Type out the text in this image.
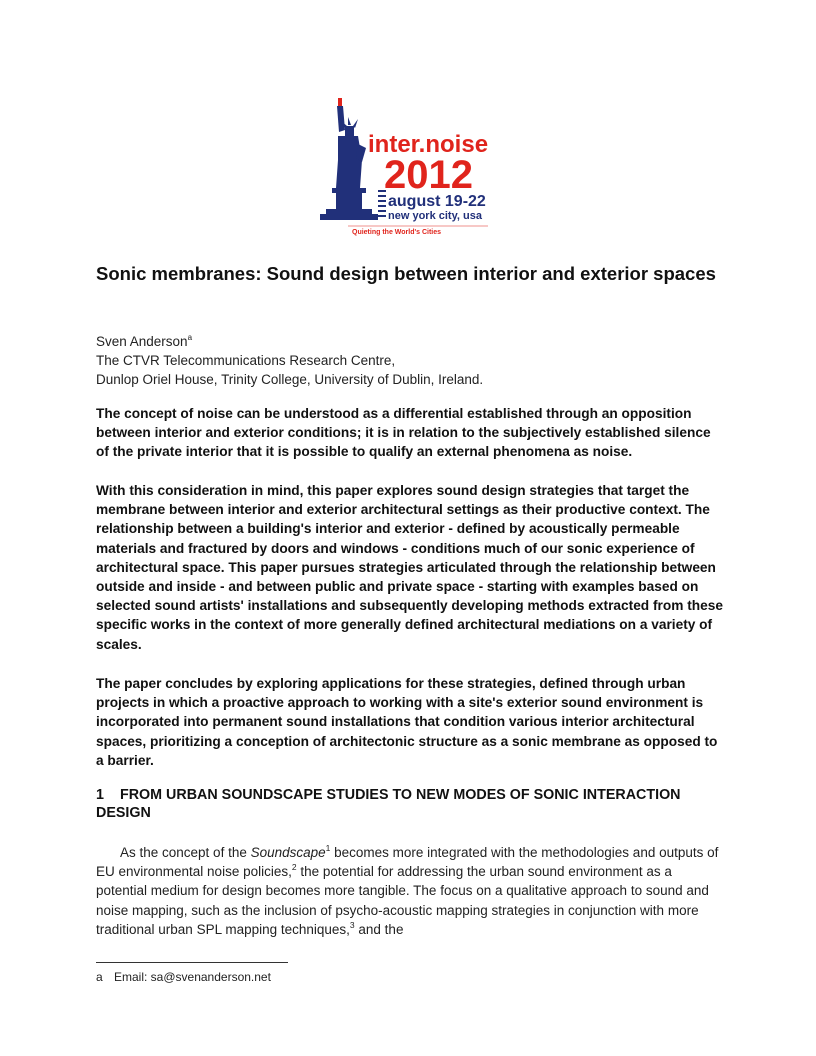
inter.noise
2012
august 19-22
new york city, usa
Quieting the World's Cities
Sonic membranes: Sound design between interior and exterior spaces
Sven Anderson$^a$
The CTVR Telecommunications Research Centre,
Dunlop Oriel House, Trinity College, University of Dublin, Ireland.

The concept of noise can be understood as a differential established through an opposition between interior and exterior conditions; it is in relation to the subjectively established silence of the private interior that it is possible to qualify an external phenomena as noise.

With this consideration in mind, this paper explores sound design strategies that target the membrane between interior and exterior architectural settings as their productive context. The relationship between a building's interior and exterior - defined by acoustically permeable materials and fractured by doors and windows - conditions much of our sonic experience of architectural space. This paper pursues strategies articulated through the relationship between outside and inside - and between public and private space - starting with examples based on selected sound artists' installations and subsequently developing methods extracted from these specific works in the context of more generally defined architectural mediations on a variety of scales.

The paper concludes by exploring applications for these strategies, defined through urban projects in which a proactive approach to working with a site's exterior sound environment is incorporated into permanent sound installations that condition various interior architectural spaces, prioritizing a conception of architectonic structure as a sonic membrane as opposed to a barrier.

1 FROM URBAN SOUNDSCAPE STUDIES TO NEW MODES OF SONIC INTERACTION DESIGN

As the concept of the Soundscape$^1$ becomes more integrated with the methodologies and outputs of EU environmental noise policies,$^2$ the potential for addressing the urban sound environment as a potential medium for design becomes more tangible. The focus on a qualitative approach to sound and noise mapping, such as the inclusion of psycho-acoustic mapping strategies in conjunction with more traditional urban SPL mapping techniques,$^3$ and the

a Email: sa@svenanderson.net
